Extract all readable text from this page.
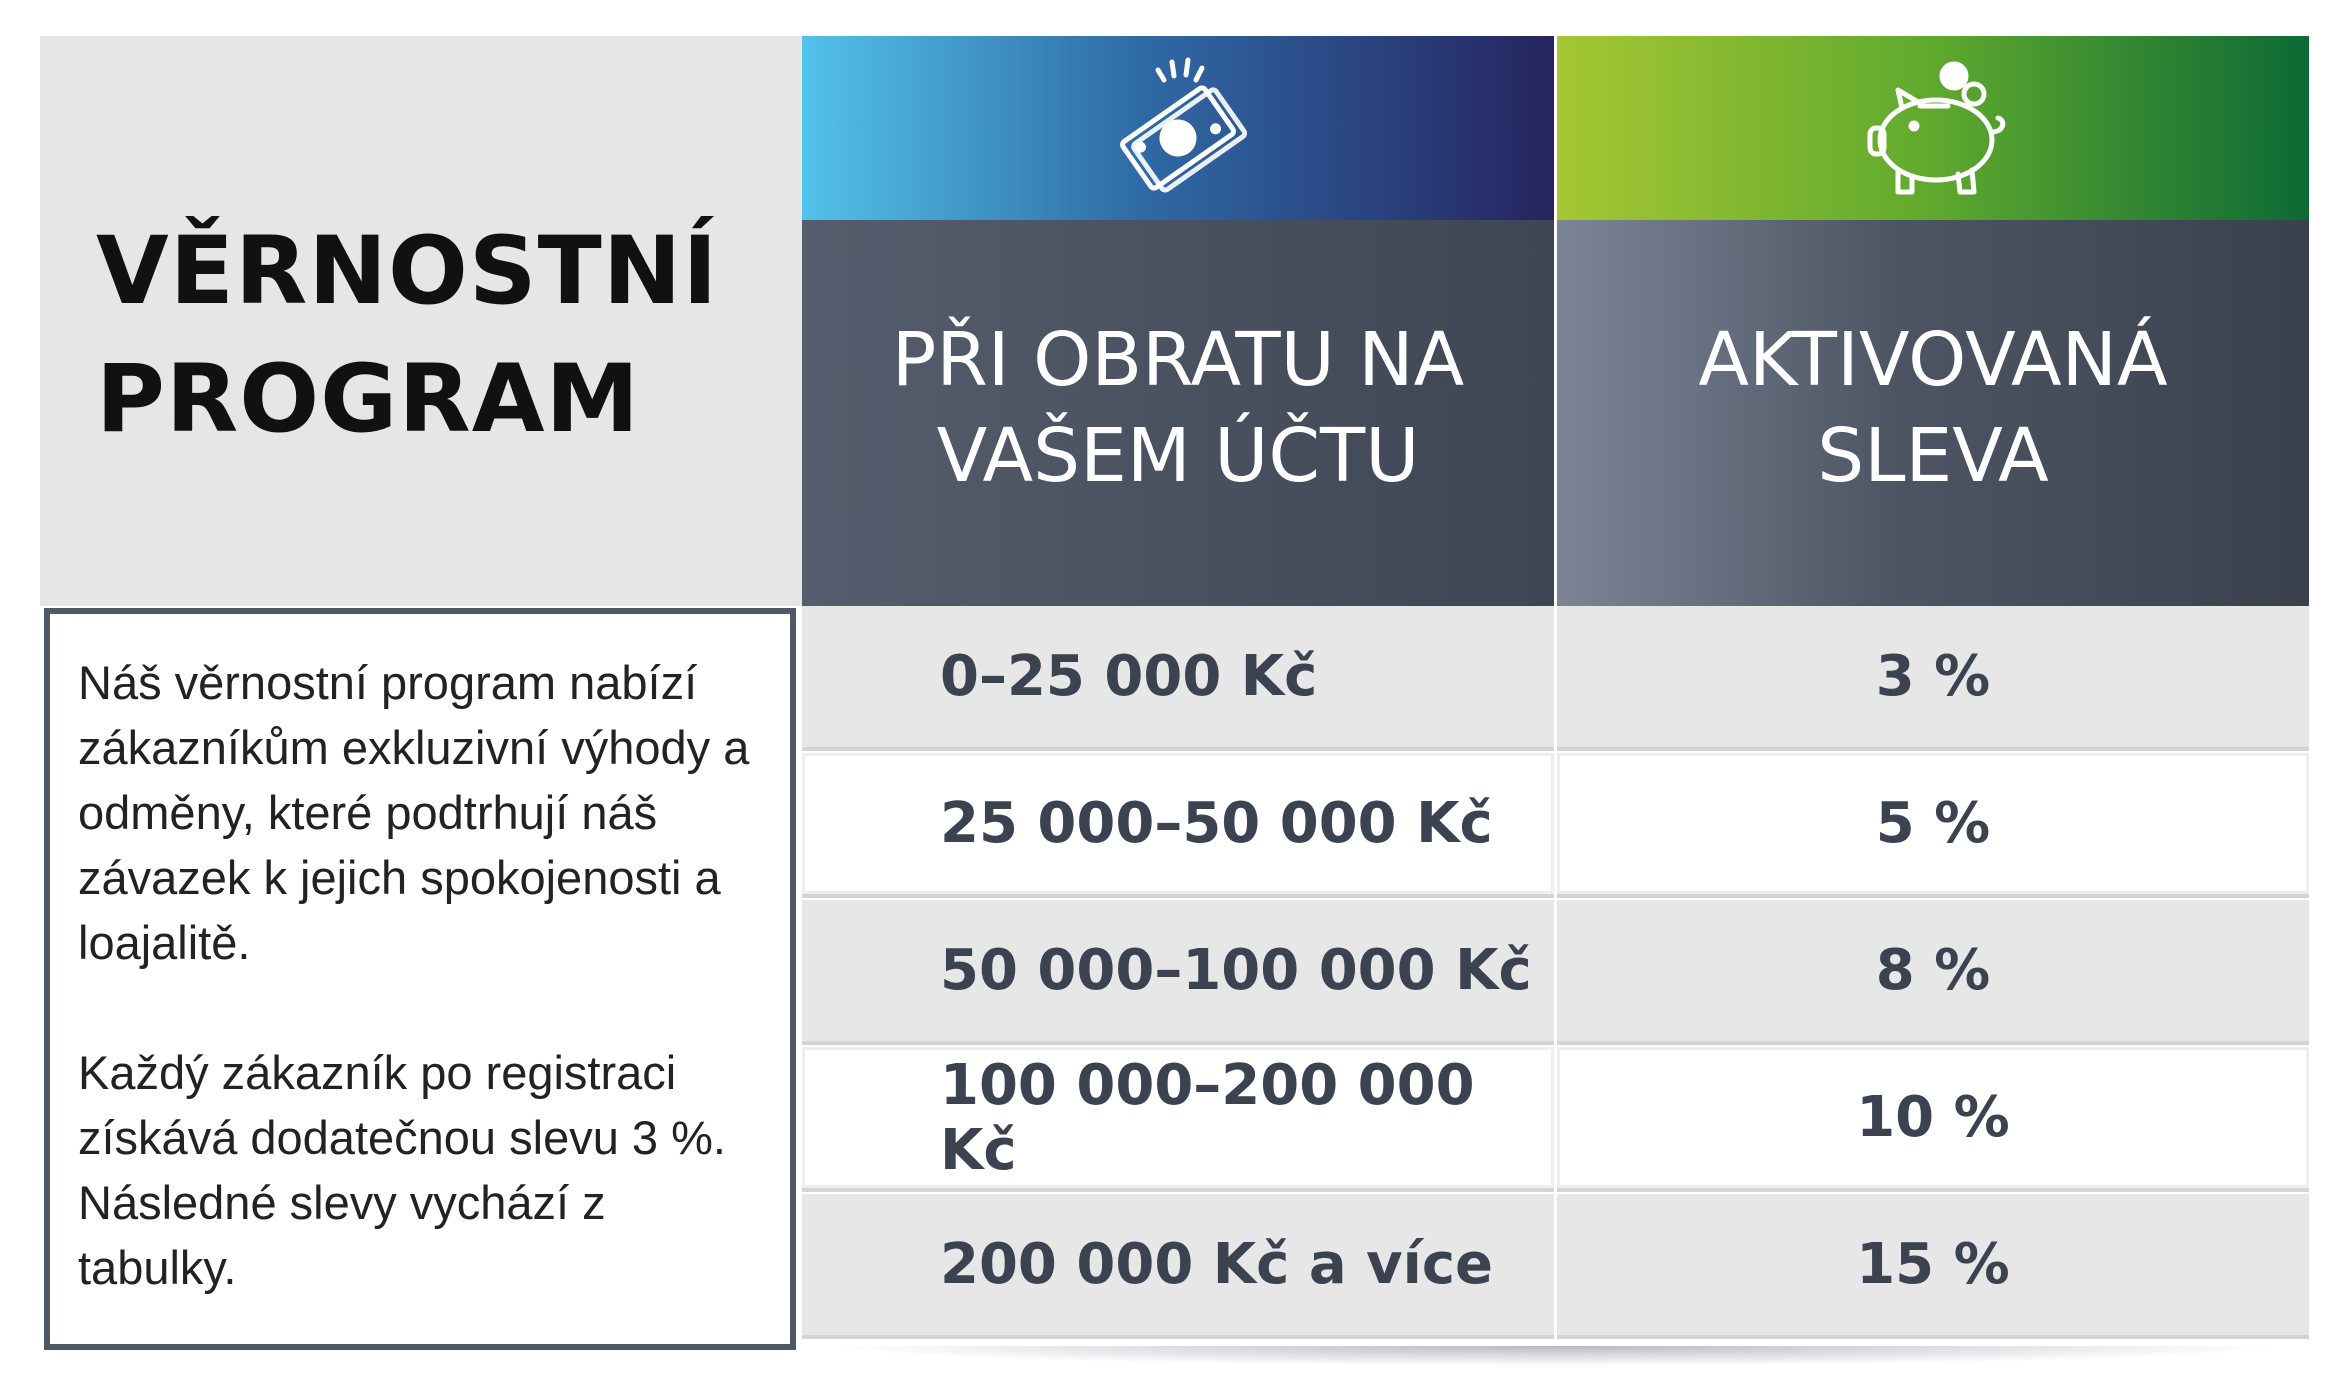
VĚRNOSTNÍ
PROGRAM

Náš věrnostní program nabízí zákazníkům exkluzivní výhody a odměny, které podtrhují náš závazek k jejich spokojenosti a loajalitě.

Každý zákazník po registraci získává dodatečnou slevu 3 %. Následné slevy vychází z tabulky.

PŘI OBRATU NA
VAŠEM ÚČTU
AKTIVOVANÁ
SLEVA
0–25 000 Kč	3 %
25 000–50 000 Kč	5 %
50 000–100 000 Kč	8 %
100 000–200 000 Kč	10 %
200 000 Kč a více	15 %
